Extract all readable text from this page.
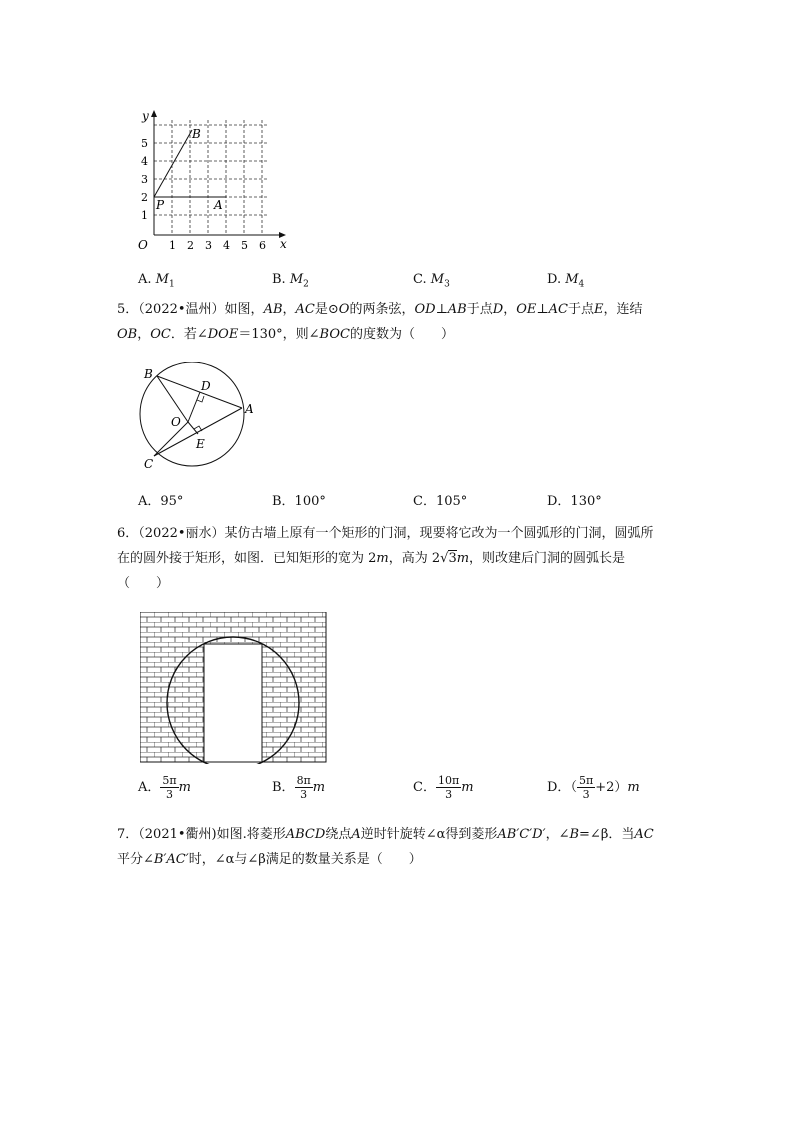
y
x
O 1 2 3 4 5 6
1
2
3
4
5
B
P	A
A. $M_1$	B. $M_2$	C. $M_3$	D. $M_4$
5．（2022•温州）如图，AB，AC是⊙O的两条弦，OD⊥AB于点D，OE⊥AC于点E，连结OB，OC．若∠DOE＝130°，则∠BOC的度数为（　　）
B
D
A
O
E
C
A．95°	B．100°	C．105°	D．130°
6．（2022•丽水）某仿古墙上原有一个矩形的门洞，现要将它改为一个圆弧形的门洞，圆弧所在的圆外接于矩形，如图．已知矩形的宽为 2m，高为 2√3m，则改建后门洞的圆弧长是（　　）
A． $\frac{5\pi}{3}$ m	B． $\frac{8\pi}{3}$ m	C． $\frac{10\pi}{3}$ m	D．（ $\frac{5\pi}{3} +2)m$
7．（2021•衢州)如图.将菱形ABCD绕点A逆时针旋转∠α得到菱形AB′C′D′，∠B=∠β．当AC平分∠B′AC′时，∠α与∠β满足的数量关系是（　　）
